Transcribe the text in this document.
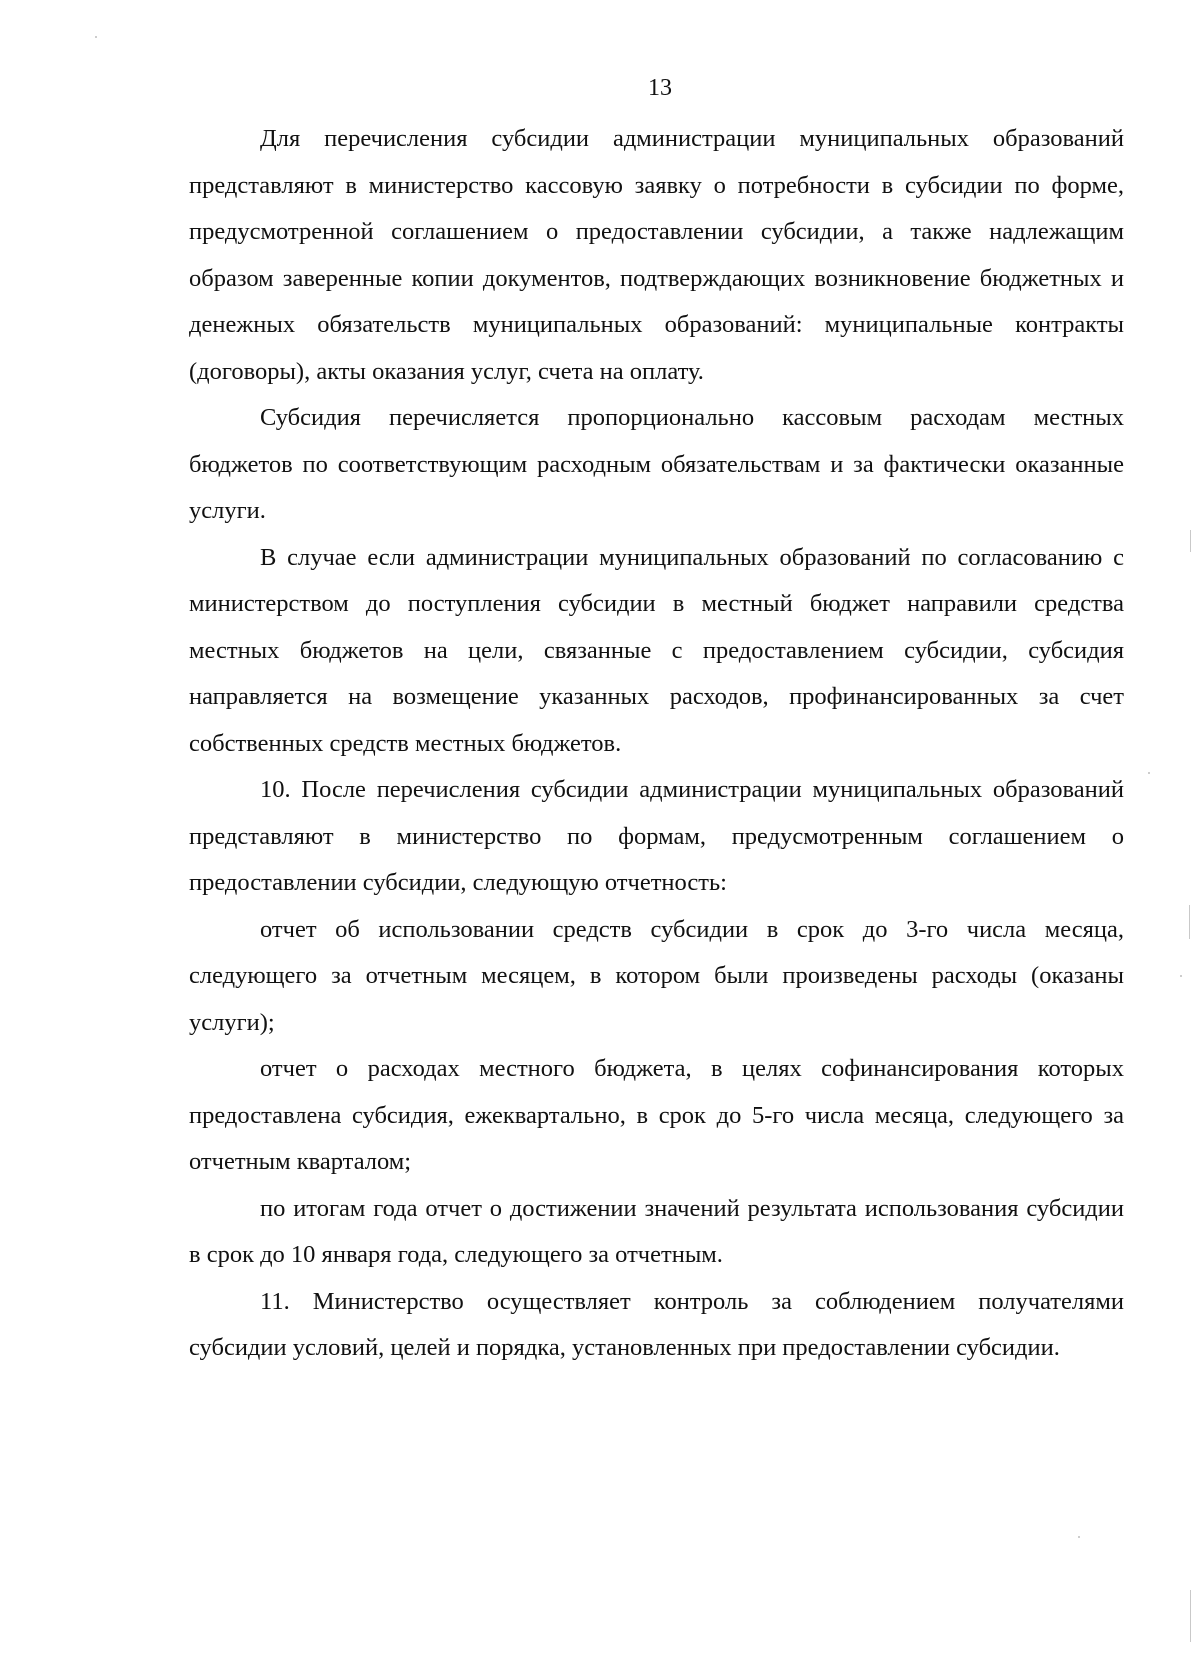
13

Для перечисления субсидии администрации муниципальных образований представляют в министерство кассовую заявку о потребности в субсидии по форме, предусмотренной соглашением о предоставлении субсидии, а также надлежащим образом заверенные копии документов, подтверждающих возникновение бюджетных и денежных обязательств муниципальных образований: муниципальные контракты (договоры), акты оказания услуг, счета на оплату.

Субсидия перечисляется пропорционально кассовым расходам местных бюджетов по соответствующим расходным обязательствам и за фактически оказанные услуги.

В случае если администрации муниципальных образований по согласованию с министерством до поступления субсидии в местный бюджет направили средства местных бюджетов на цели, связанные с предоставлением субсидии, субсидия направляется на возмещение указанных расходов, профинансированных за счет собственных средств местных бюджетов.

10. После перечисления субсидии администрации муниципальных образований представляют в министерство по формам, предусмотренным соглашением о предоставлении субсидии, следующую отчетность:

отчет об использовании средств субсидии в срок до 3-го числа месяца, следующего за отчетным месяцем, в котором были произведены расходы (оказаны услуги);

отчет о расходах местного бюджета, в целях софинансирования которых предоставлена субсидия, ежеквартально, в срок до 5-го числа месяца, следующего за отчетным кварталом;

по итогам года отчет о достижении значений результата использования субсидии в срок до 10 января года, следующего за отчетным.

11. Министерство осуществляет контроль за соблюдением получателями субсидии условий, целей и порядка, установленных при предоставлении субсидии.
